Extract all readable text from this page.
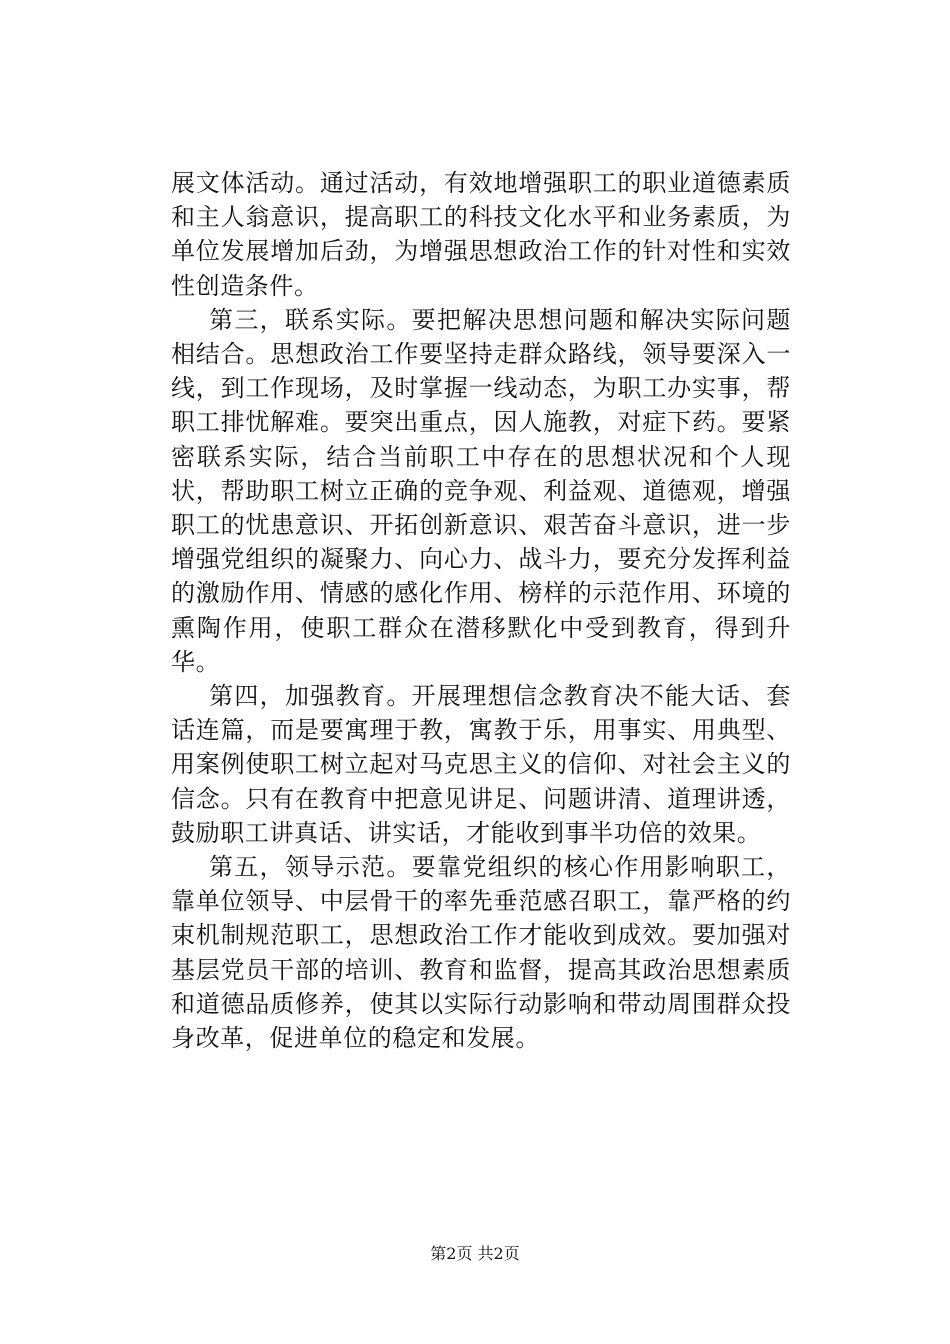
展文体活动。通过活动，有效地增强职工的职业道德素质和主人翁意识，提高职工的科技文化水平和业务素质，为单位发展增加后劲，为增强思想政治工作的针对性和实效性创造条件。

第三，联系实际。要把解决思想问题和解决实际问题相结合。思想政治工作要坚持走群众路线，领导要深入一线，到工作现场，及时掌握一线动态，为职工办实事，帮职工排忧解难。要突出重点，因人施教，对症下药。要紧密联系实际，结合当前职工中存在的思想状况和个人现状，帮助职工树立正确的竞争观、利益观、道德观，增强职工的忧患意识、开拓创新意识、艰苦奋斗意识，进一步增强党组织的凝聚力、向心力、战斗力，要充分发挥利益的激励作用、情感的感化作用、榜样的示范作用、环境的熏陶作用，使职工群众在潜移默化中受到教育，得到升华。

第四，加强教育。开展理想信念教育决不能大话、套话连篇，而是要寓理于教，寓教于乐，用事实、用典型、用案例使职工树立起对马克思主义的信仰、对社会主义的信念。只有在教育中把意见讲足、问题讲清、道理讲透，鼓励职工讲真话、讲实话，才能收到事半功倍的效果。

第五，领导示范。要靠党组织的核心作用影响职工，靠单位领导、中层骨干的率先垂范感召职工，靠严格的约束机制规范职工，思想政治工作才能收到成效。要加强对基层党员干部的培训、教育和监督，提高其政治思想素质和道德品质修养，使其以实际行动影响和带动周围群众投身改革，促进单位的稳定和发展。

第2页 共2页
